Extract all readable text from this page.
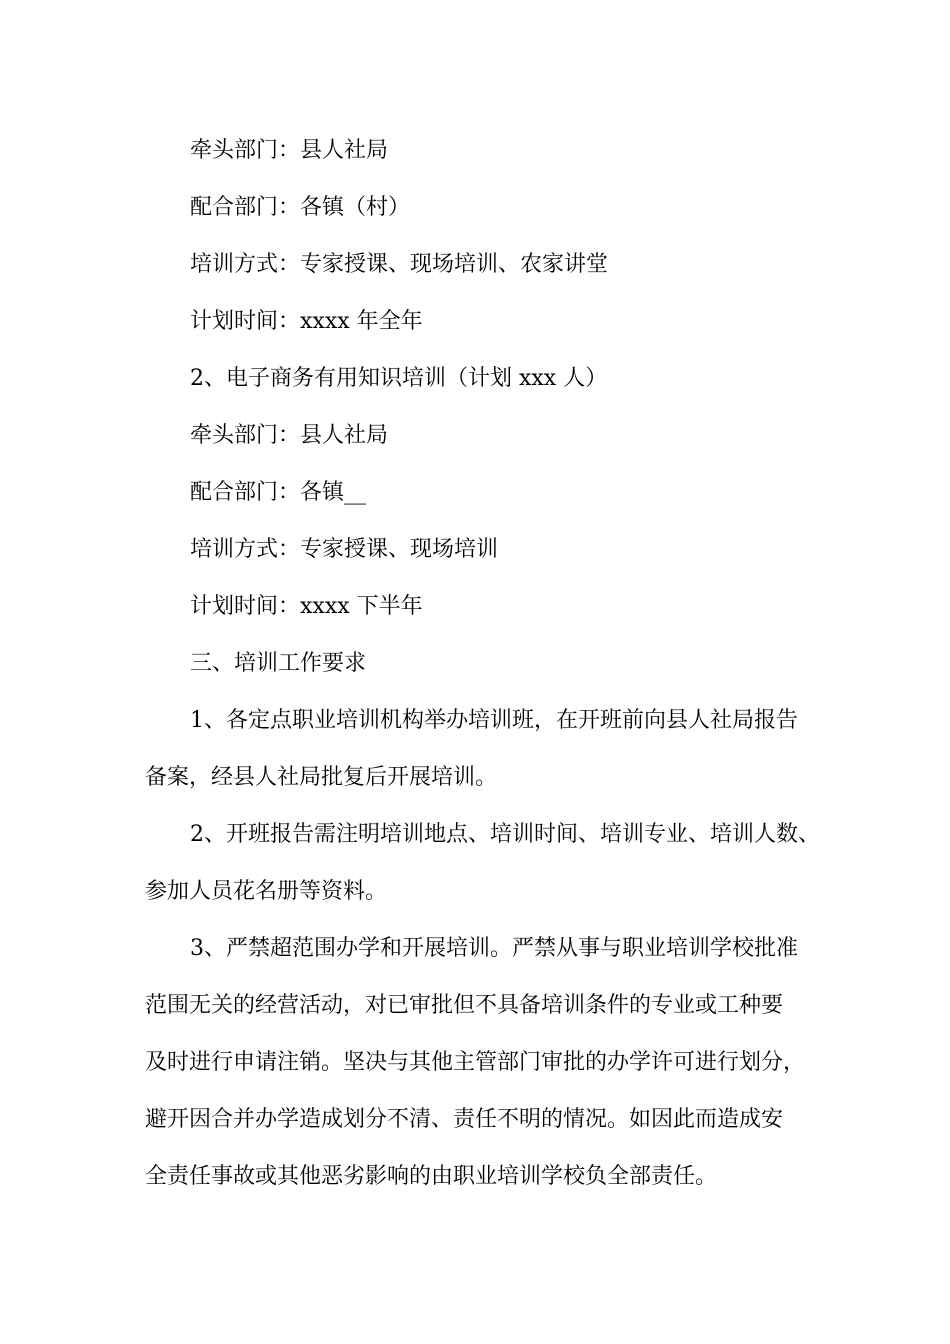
牵头部门：县人社局
配合部门：各镇（村）
培训方式：专家授课、现场培训、农家讲堂
计划时间：xxxx 年全年
2、电子商务有用知识培训（计划 xxx 人）
牵头部门：县人社局
配合部门：各镇__
培训方式：专家授课、现场培训
计划时间：xxxx 下半年
三、培训工作要求
1、各定点职业培训机构举办培训班，在开班前向县人社局报告
备案，经县人社局批复后开展培训。
2、开班报告需注明培训地点、培训时间、培训专业、培训人数、
参加人员花名册等资料。
3、严禁超范围办学和开展培训。严禁从事与职业培训学校批准
范围无关的经营活动，对已审批但不具备培训条件的专业或工种要
及时进行申请注销。坚决与其他主管部门审批的办学许可进行划分，
避开因合并办学造成划分不清、责任不明的情况。如因此而造成安
全责任事故或其他恶劣影响的由职业培训学校负全部责任。
